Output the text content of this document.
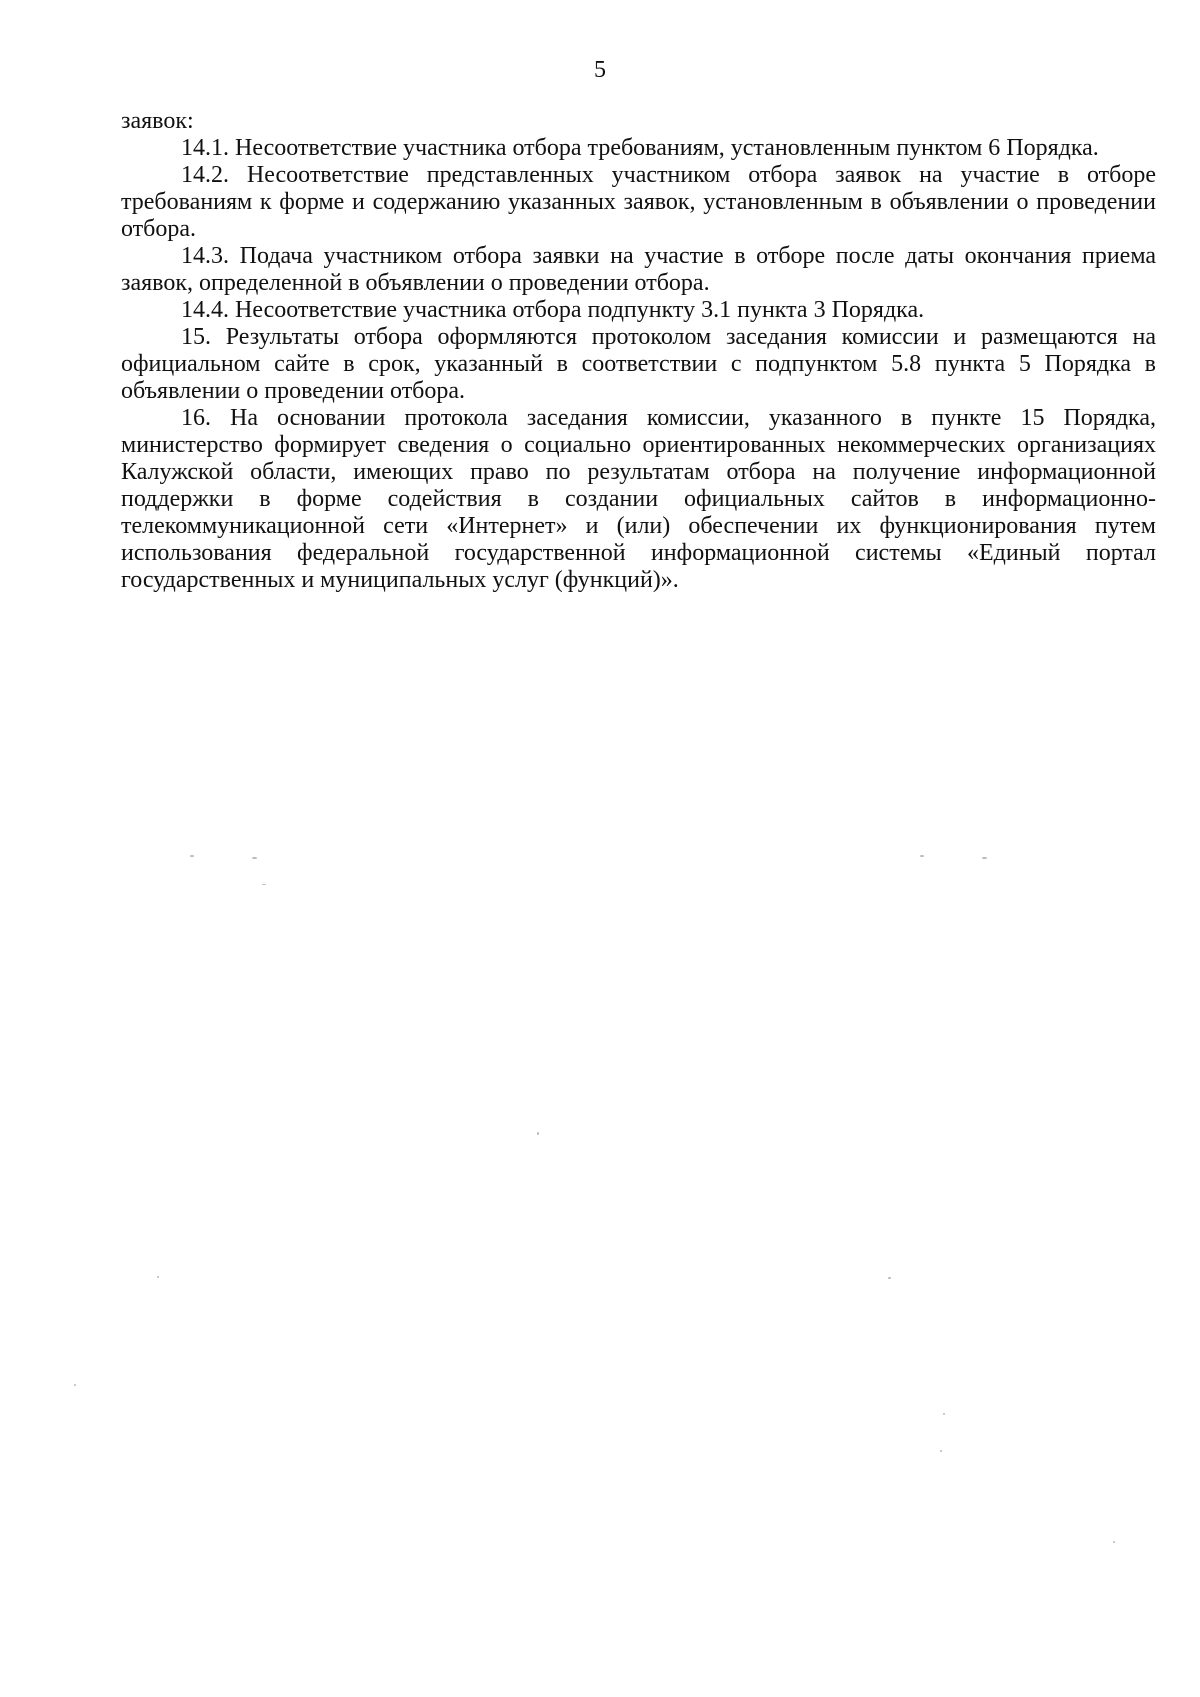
5

заявок:

14.1. Несоответствие участника отбора требованиям, установленным пунктом 6 Порядка.

14.2. Несоответствие представленных участником отбора заявок на участие в отборе требованиям к форме и содержанию указанных заявок, установленным в объявлении о проведении отбора.

14.3. Подача участником отбора заявки на участие в отборе после даты окончания приема заявок, определенной в объявлении о проведении отбора.

14.4. Несоответствие участника отбора подпункту 3.1 пункта 3 Порядка.

15. Результаты отбора оформляются протоколом заседания комиссии и размещаются на официальном сайте в срок, указанный в соответствии с подпунктом 5.8 пункта 5 Порядка в объявлении о проведении отбора.

16. На основании протокола заседания комиссии, указанного в пункте 15 Порядка, министерство формирует сведения о социально ориентированных некоммерческих организациях Калужской области, имеющих право по результатам отбора на получение информационной поддержки в форме содействия в создании официальных сайтов в информационно-телекоммуникационной сети «Интернет» и (или) обеспечении их функционирования путем использования федеральной государственной информационной системы «Единый портал государственных и муниципальных услуг (функций)».
